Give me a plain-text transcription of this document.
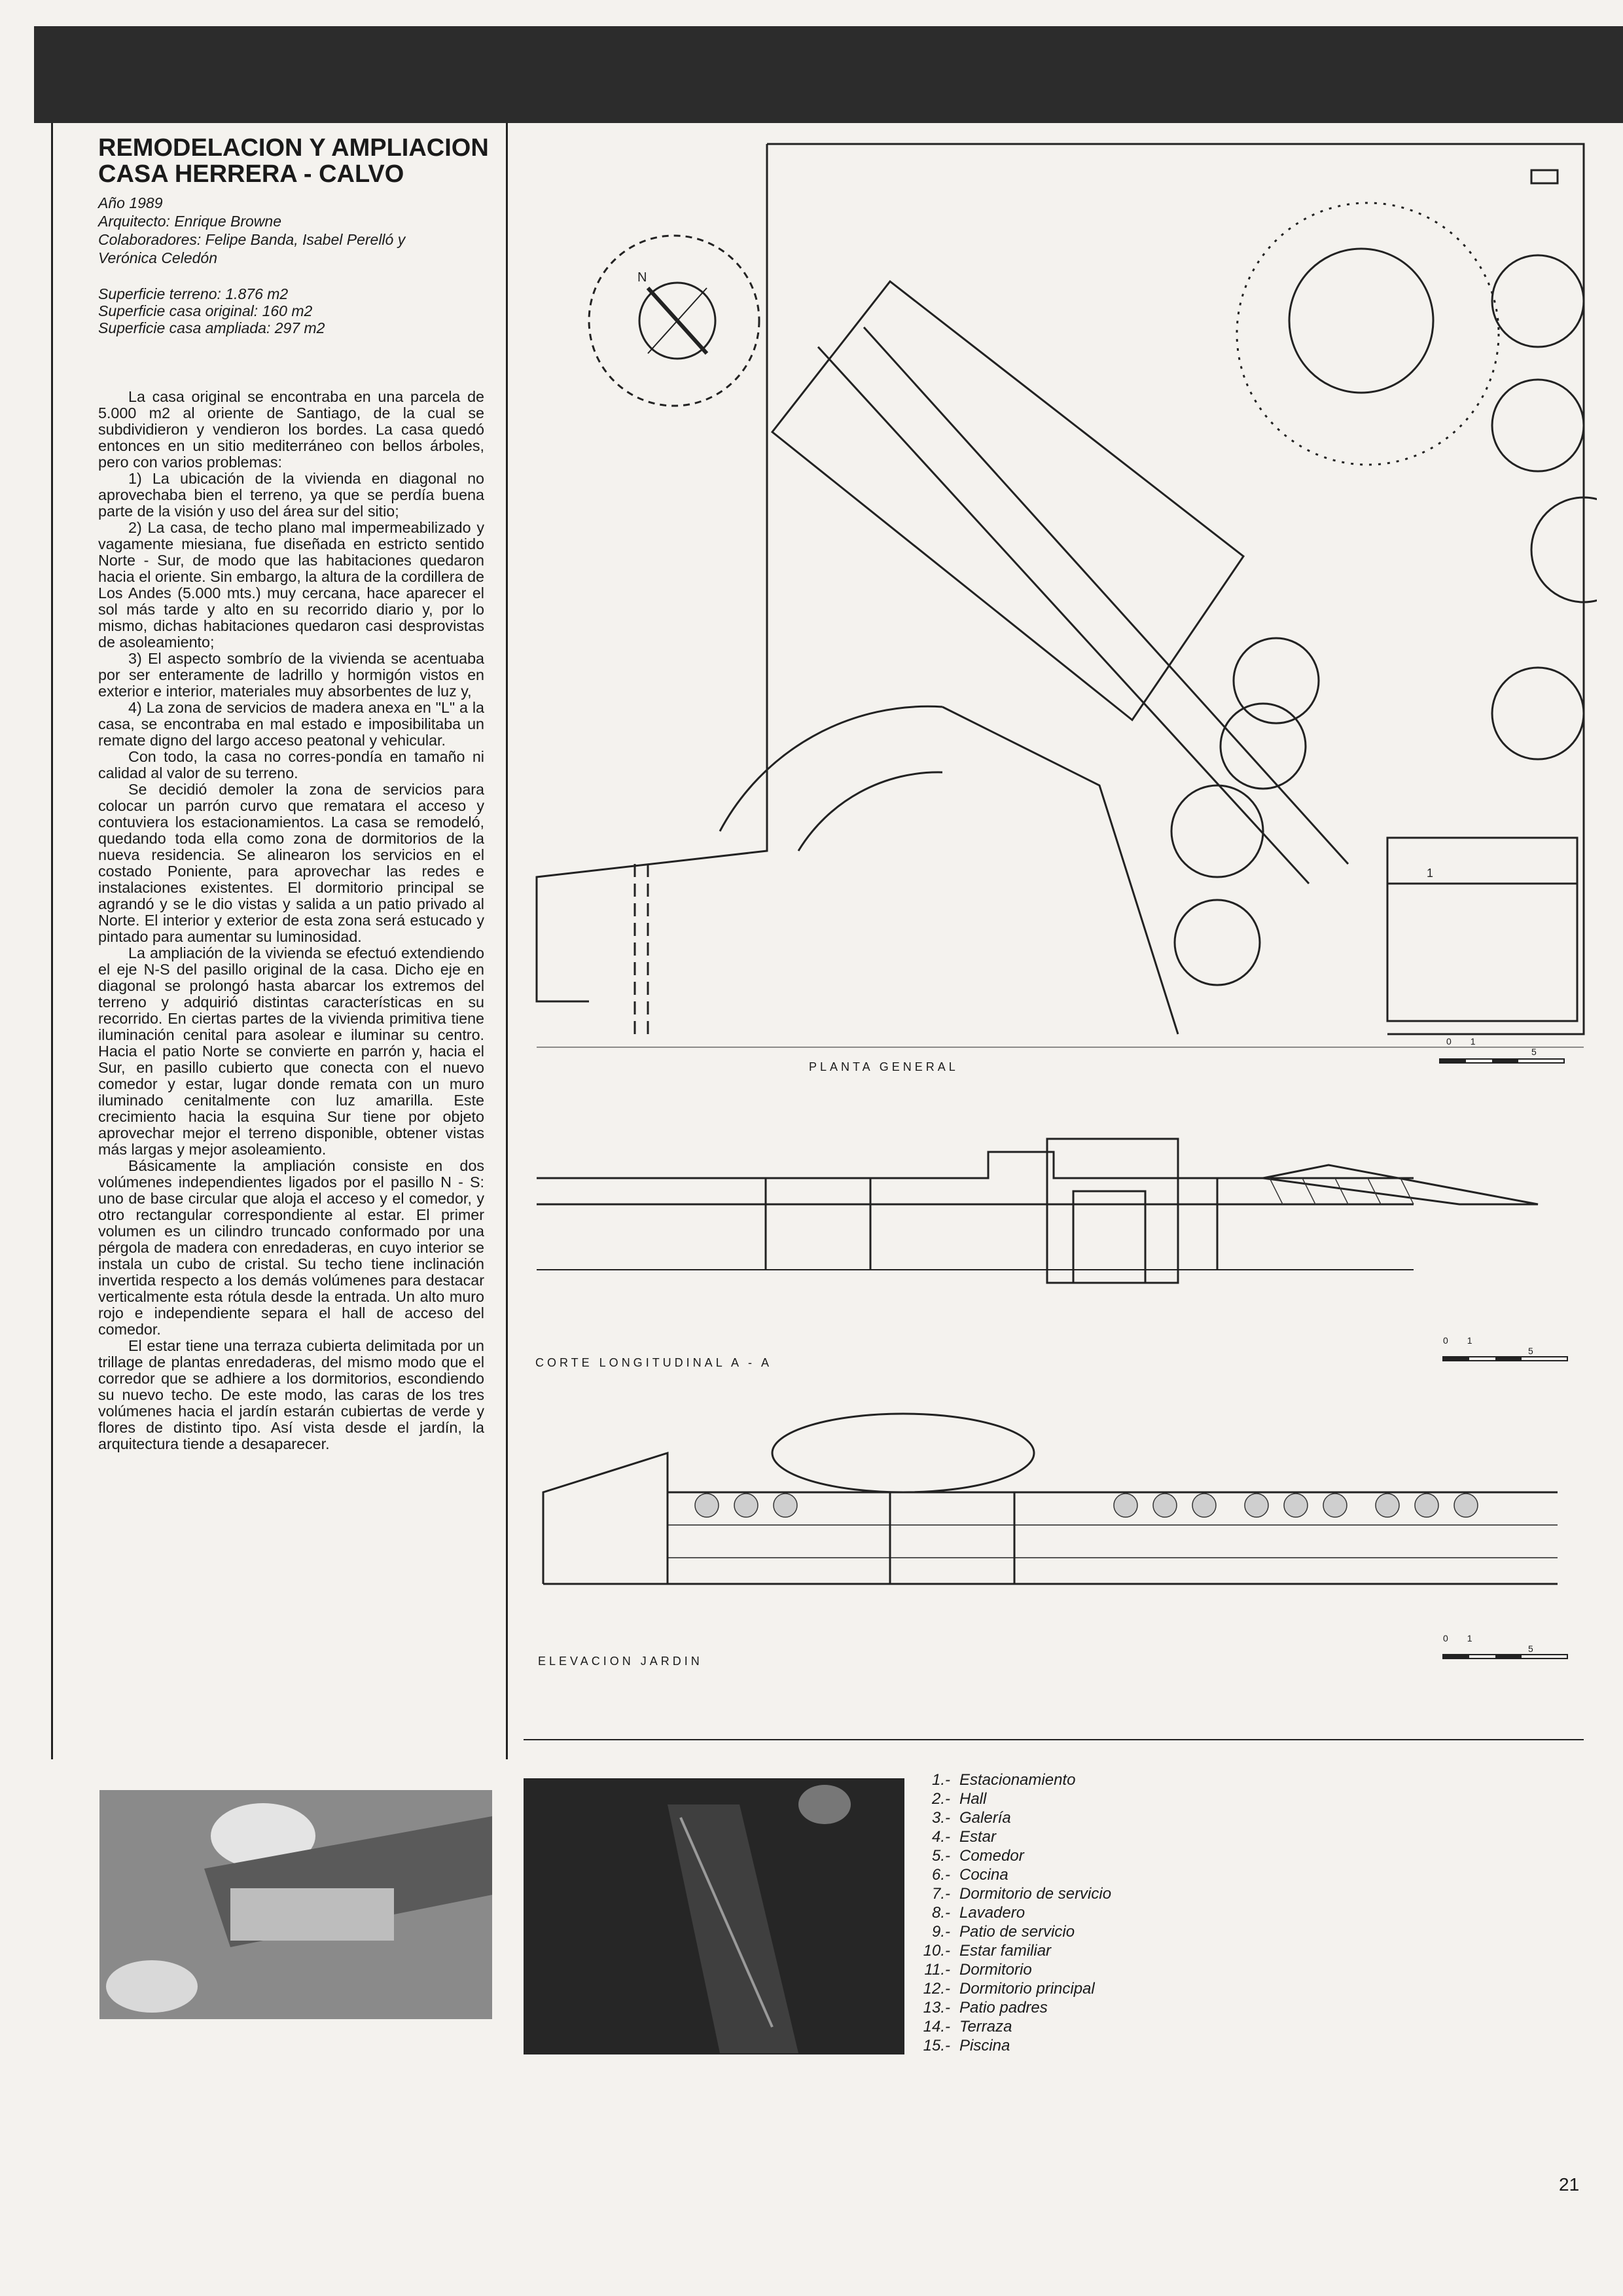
REMODELACION Y AMPLIACION
CASA HERRERA - CALVO
Año 1989
Arquitecto: Enrique Browne
Colaboradores: Felipe Banda, Isabel Perelló y
Verónica Celedón
Superficie terreno: 1.876 m2
Superficie casa original: 160 m2
Superficie casa ampliada: 297 m2

La casa original se encontraba en una parcela de 5.000 m2 al oriente de Santiago, de la cual se subdividieron y vendieron los bordes. La casa quedó entonces en un sitio mediterráneo con bellos árboles, pero con varios problemas:

1) La ubicación de la vivienda en diagonal no aprovechaba bien el terreno, ya que se perdía buena parte de la visión y uso del área sur del sitio;

2) La casa, de techo plano mal impermeabilizado y vagamente miesiana, fue diseñada en estricto sentido Norte - Sur, de modo que las habitaciones quedaron hacia el oriente. Sin embargo, la altura de la cordillera de Los Andes (5.000 mts.) muy cercana, hace aparecer el sol más tarde y alto en su recorrido diario y, por lo mismo, dichas habitaciones quedaron casi desprovistas de asoleamiento;

3) El aspecto sombrío de la vivienda se acentuaba por ser enteramente de ladrillo y hormigón vistos en exterior e interior, materiales muy absorbentes de luz y,

4) La zona de servicios de madera anexa en "L" a la casa, se encontraba en mal estado e imposibilitaba un remate digno del largo acceso peatonal y vehicular.

Con todo, la casa no corres-pondía en tamaño ni calidad al valor de su terreno.

Se decidió demoler la zona de servicios para colocar un parrón curvo que rematara el acceso y contuviera los estacionamientos. La casa se remodeló, quedando toda ella como zona de dormitorios de la nueva residencia. Se alinearon los servicios en el costado Poniente, para aprovechar las redes e instalaciones existentes. El dormitorio principal se agrandó y se le dio vistas y salida a un patio privado al Norte. El interior y exterior de esta zona será estucado y pintado para aumentar su luminosidad.

La ampliación de la vivienda se efectuó extendiendo el eje N-S del pasillo original de la casa. Dicho eje en diagonal se prolongó hasta abarcar los extremos del terreno y adquirió distintas características en su recorrido. En ciertas partes de la vivienda primitiva tiene iluminación cenital para asolear e iluminar su centro. Hacia el patio Norte se convierte en parrón y, hacia el Sur, en pasillo cubierto que conecta con el nuevo comedor y estar, lugar donde remata con un muro iluminado cenitalmente con luz amarilla. Este crecimiento hacia la esquina Sur tiene por objeto aprovechar mejor el terreno disponible, obtener vistas más largas y mejor asoleamiento.

Básicamente la ampliación consiste en dos volúmenes independientes ligados por el pasillo N - S: uno de base circular que aloja el acceso y el comedor, y otro rectangular correspondiente al estar. El primer volumen es un cilindro truncado conformado por una pérgola de madera con enredaderas, en cuyo interior se instala un cubo de cristal. Su techo tiene inclinación invertida respecto a los demás volúmenes para destacar verticalmente esta rótula desde la entrada. Un alto muro rojo e independiente separa el hall de acceso del comedor.

El estar tiene una terraza cubierta delimitada por un trillage de plantas enredaderas, del mismo modo que el corredor que se adhiere a los dormitorios, escondiendo su nuevo techo. De este modo, las caras de los tres volúmenes hacia el jardín estarán cubiertas de verde y flores de distinto tipo. Así vista desde el jardín, la arquitectura tiende a desaparecer.

1
N
PLANTA GENERAL
CORTE LONGITUDINAL A - A
ELEVACION JARDIN
1.- Estacionamiento
2.- Hall
3.- Galería
4.- Estar
5.- Comedor
6.- Cocina
7.- Dormitorio de servicio
8.- Lavadero
9.- Patio de servicio
10.- Estar familiar
11.- Dormitorio
12.- Dormitorio principal
13.- Patio padres
14.- Terraza
15.- Piscina
21
0 1 5
0 1 5
0 1 5
